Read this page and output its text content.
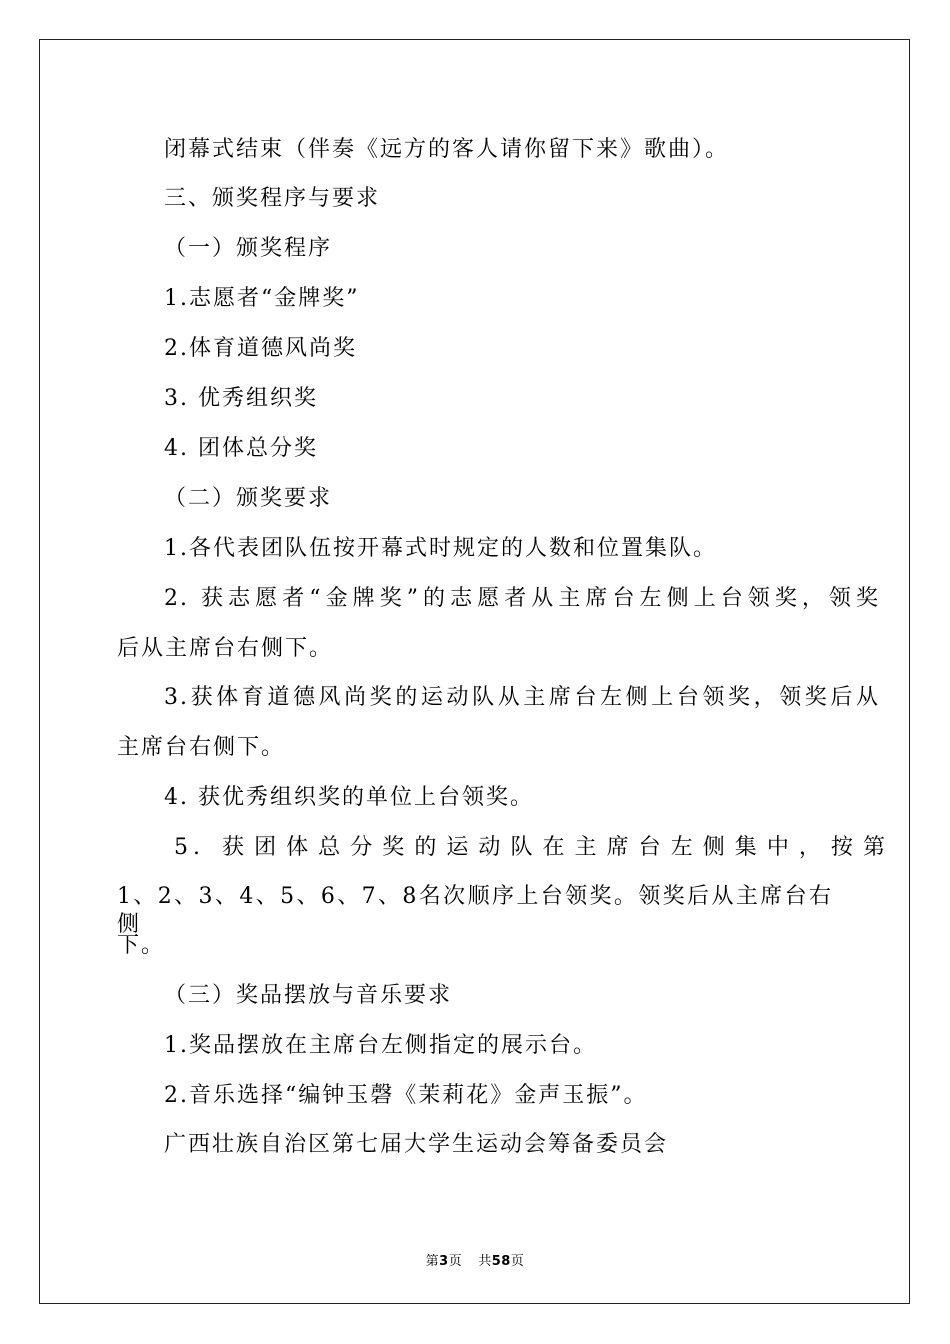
闭幕式结束（伴奏《远方的客人请你留下来》歌曲）。
三、颁奖程序与要求
（一）颁奖程序
1.志愿者“金牌奖”
2.体育道德风尚奖
3. 优秀组织奖
4. 团体总分奖
（二）颁奖要求
1.各代表团队伍按开幕式时规定的人数和位置集队。
2. 获志愿者“金牌奖”的志愿者从主席台左侧上台领奖，领奖
后从主席台右侧下。
3.获体育道德风尚奖的运动队从主席台左侧上台领奖，领奖后从
主席台右侧下。
4. 获优秀组织奖的单位上台领奖。
5. 获团体总分奖的运动队在主席台左侧集中，按第
1、2、3、4、5、6、7、8名次顺序上台领奖。领奖后从主席台右侧
下。
（三）奖品摆放与音乐要求
1.奖品摆放在主席台左侧指定的展示台。
2.音乐选择“编钟玉磬《茉莉花》金声玉振”。
广西壮族自治区第七届大学生运动会筹备委员会
第3页 共58页
